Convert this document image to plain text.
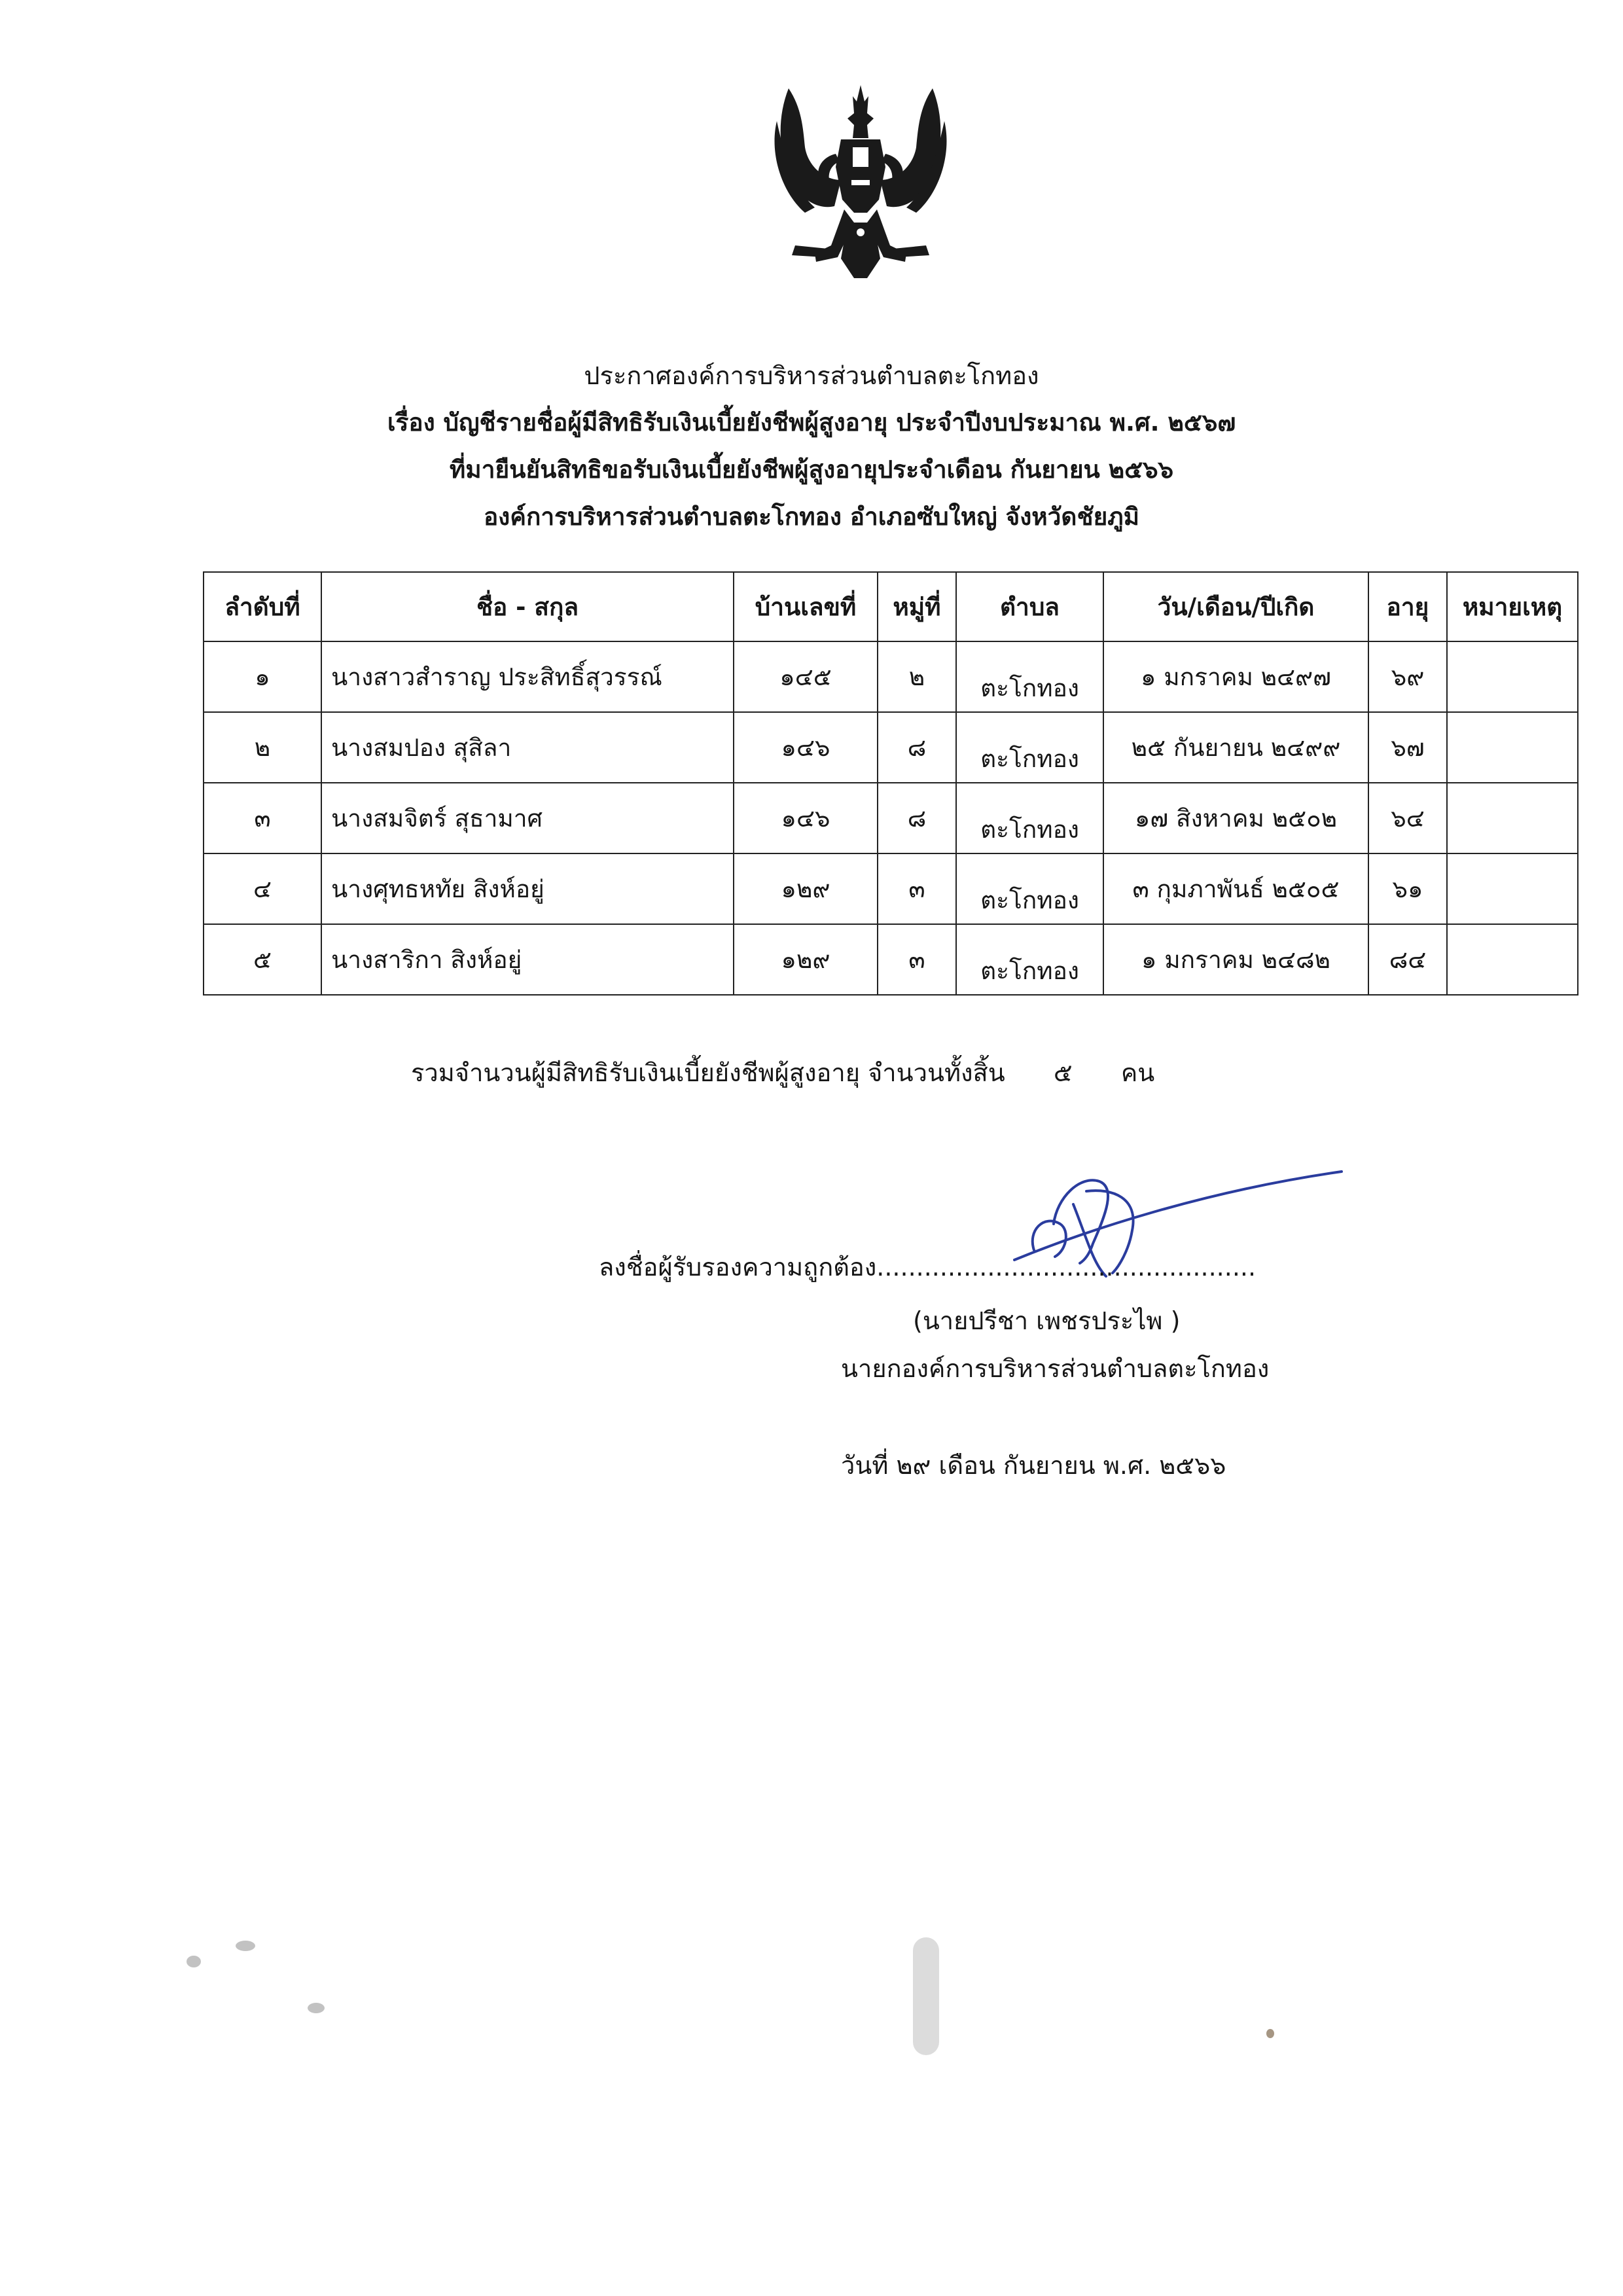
ประกาศองค์การบริหารส่วนตำบลตะโกทอง
เรื่อง บัญชีรายชื่อผู้มีสิทธิรับเงินเบี้ยยังชีพผู้สูงอายุ ประจำปีงบประมาณ พ.ศ. ๒๕๖๗
ที่มายืนยันสิทธิขอรับเงินเบี้ยยังชีพผู้สูงอายุประจำเดือน กันยายน ๒๕๖๖
องค์การบริหารส่วนตำบลตะโกทอง อำเภอซับใหญ่ จังหวัดชัยภูมิ
ลำดับที่	ชื่อ - สกุล	บ้านเลขที่	หมู่ที่	ตำบล	วัน/เดือน/ปีเกิด	อายุ	หมายเหตุ
๑	นางสาวสำราญ ประสิทธิ์สุวรรณ์	๑๔๕	๒	ตะโกทอง	๑ มกราคม ๒๔๙๗	๖๙	
๒	นางสมปอง สุสิลา	๑๔๖	๘	ตะโกทอง	๒๕ กันยายน ๒๔๙๙	๖๗	
๓	นางสมจิตร์ สุธามาศ	๑๔๖	๘	ตะโกทอง	๑๗ สิงหาคม ๒๕๐๒	๖๔	
๔	นางศุทธหทัย สิงห์อยู่	๑๒๙	๓	ตะโกทอง	๓ กุมภาพันธ์ ๒๕๐๕	๖๑	
๕	นางสาริกา สิงห์อยู่	๑๒๙	๓	ตะโกทอง	๑ มกราคม ๒๔๘๒	๘๔	
รวมจำนวนผู้มีสิทธิรับเงินเบี้ยยังชีพผู้สูงอายุ จำนวนทั้งสิ้น ๕ คน
ลงชื่อผู้รับรองความถูกต้อง................................................
(นายปรีชา เพชรประไพ )
นายกองค์การบริหารส่วนตำบลตะโกทอง
วันที่ ๒๙ เดือน กันยายน พ.ศ. ๒๕๖๖
